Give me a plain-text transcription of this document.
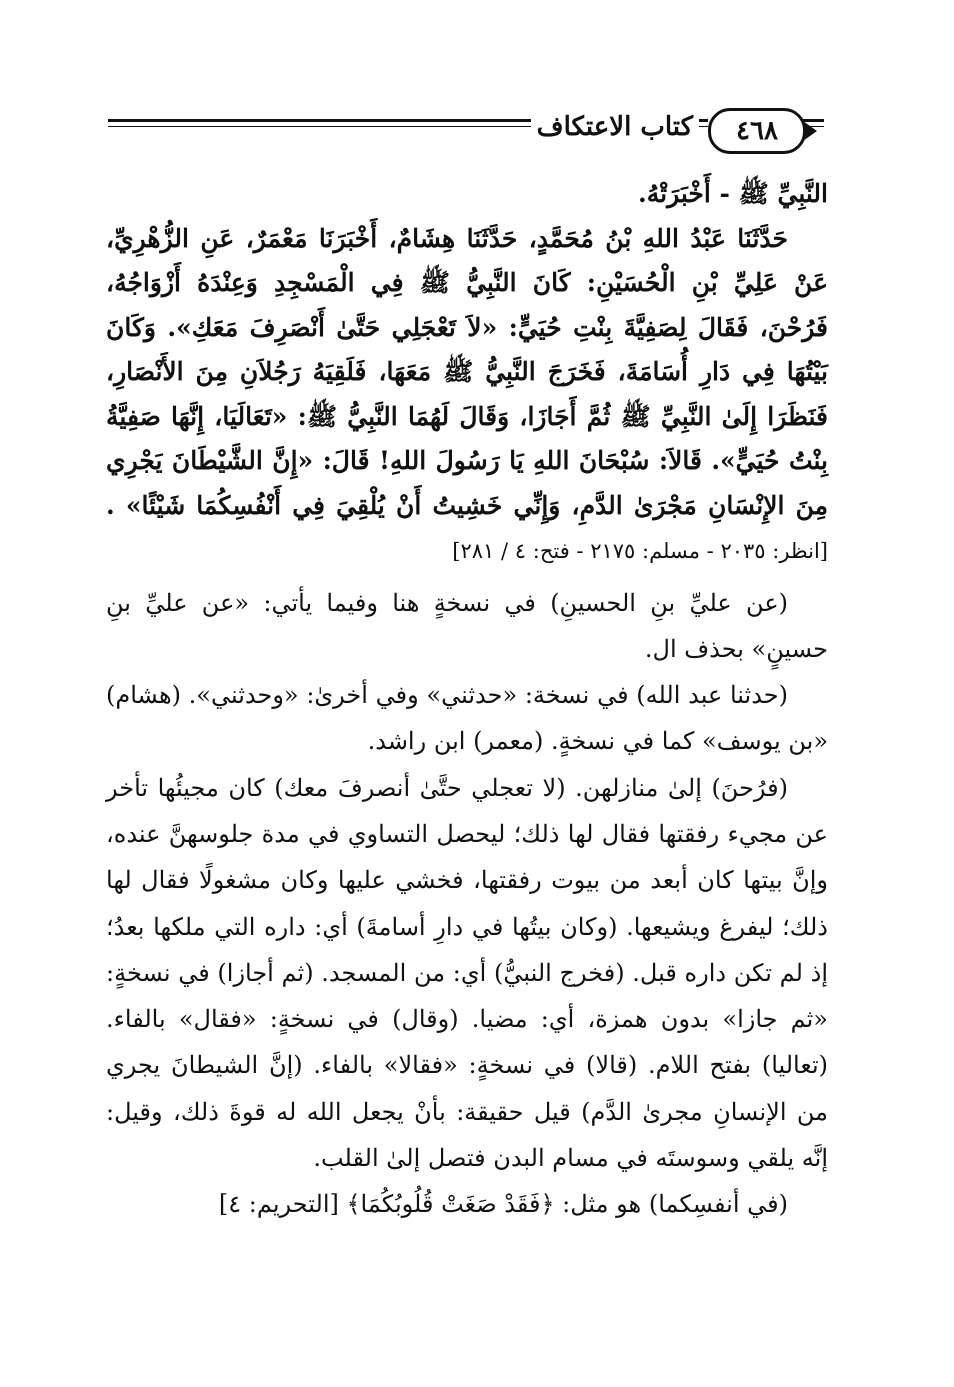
كتاب الاعتكاف ٤٦٨

النَّبِيِّ ﷺ - أَخْبَرَتْهُ.

حَدَّثَنَا عَبْدُ اللهِ بْنُ مُحَمَّدٍ، حَدَّثَنَا هِشَامٌ، أَخْبَرَنَا مَعْمَرٌ، عَنِ الزُّهْرِيِّ، عَنْ عَلِيِّ بْنِ الْحُسَيْنِ: كَانَ النَّبِيُّ ﷺ فِي الْمَسْجِدِ وَعِنْدَهُ أَزْوَاجُهُ، فَرُحْنَ، فَقَالَ لِصَفِيَّةَ بِنْتِ حُيَيٍّ: «لاَ تَعْجَلِي حَتَّىٰ أَنْصَرِفَ مَعَكِ». وَكَانَ بَيْتُهَا فِي دَارِ أُسَامَةَ، فَخَرَجَ النَّبِيُّ ﷺ مَعَهَا، فَلَقِيَهُ رَجُلاَنِ مِنَ الأَنْصَارِ، فَنَظَرَا إِلَىٰ النَّبِيِّ ﷺ ثُمَّ أَجَازَا، وَقَالَ لَهُمَا النَّبِيُّ ﷺ: «تَعَالَيَا، إِنَّهَا صَفِيَّةُ بِنْتُ حُيَيٍّ». قَالاَ: سُبْحَانَ اللهِ يَا رَسُولَ اللهِ! قَالَ: «إِنَّ الشَّيْطَانَ يَجْرِي مِنَ الإِنْسَانِ مَجْرَىٰ الدَّمِ، وَإِنِّي خَشِيتُ أَنْ يُلْقِيَ فِي أَنْفُسِكُمَا شَيْئًا» .[انظر: ٢٠٣٥ - مسلم: ٢١٧٥ - فتح: ٤ / ٢٨١]

(عن عليِّ بنِ الحسينِ) في نسخةٍ هنا وفيما يأتي: «عن عليِّ بنِ حسينٍ» بحذف ال.

(حدثنا عبد الله) في نسخة: «حدثني» وفي أخرىٰ: «وحدثني». (هشام) «بن يوسف» كما في نسخةٍ. (معمر) ابن راشد.

(فرُحنَ) إلىٰ منازلهن. (لا تعجلي حتَّىٰ أنصرفَ معك) كان مجيئُها تأخر عن مجيء رفقتها فقال لها ذلك؛ ليحصل التساوي في مدة جلوسهنَّ عنده، وإنَّ بيتها كان أبعد من بيوت رفقتها، فخشي عليها وكان مشغولًا فقال لها ذلك؛ ليفرغ ويشيعها. (وكان بيتُها في دارِ أسامةَ) أي: داره التي ملكها بعدُ؛ إذ لم تكن داره قبل. (فخرج النبيُّ) أي: من المسجد. (ثم أجازا) في نسخةٍ: «ثم جازا» بدون همزة، أي: مضيا. (وقال) في نسخةٍ: «فقال» بالفاء. (تعاليا) بفتح اللام. (قالا) في نسخةٍ: «فقالا» بالفاء. (إنَّ الشيطانَ يجري من الإنسانِ مجرىٰ الدَّم) قيل حقيقة: بأنْ يجعل الله له قوةَ ذلك، وقيل: إنَّه يلقي وسوستَه في مسام البدن فتصل إلىٰ القلب.

(في أنفسِكما) هو مثل: ﴿فَقَدْ صَغَتْ قُلُوبُكُمَا﴾ [التحريم: ٤]
